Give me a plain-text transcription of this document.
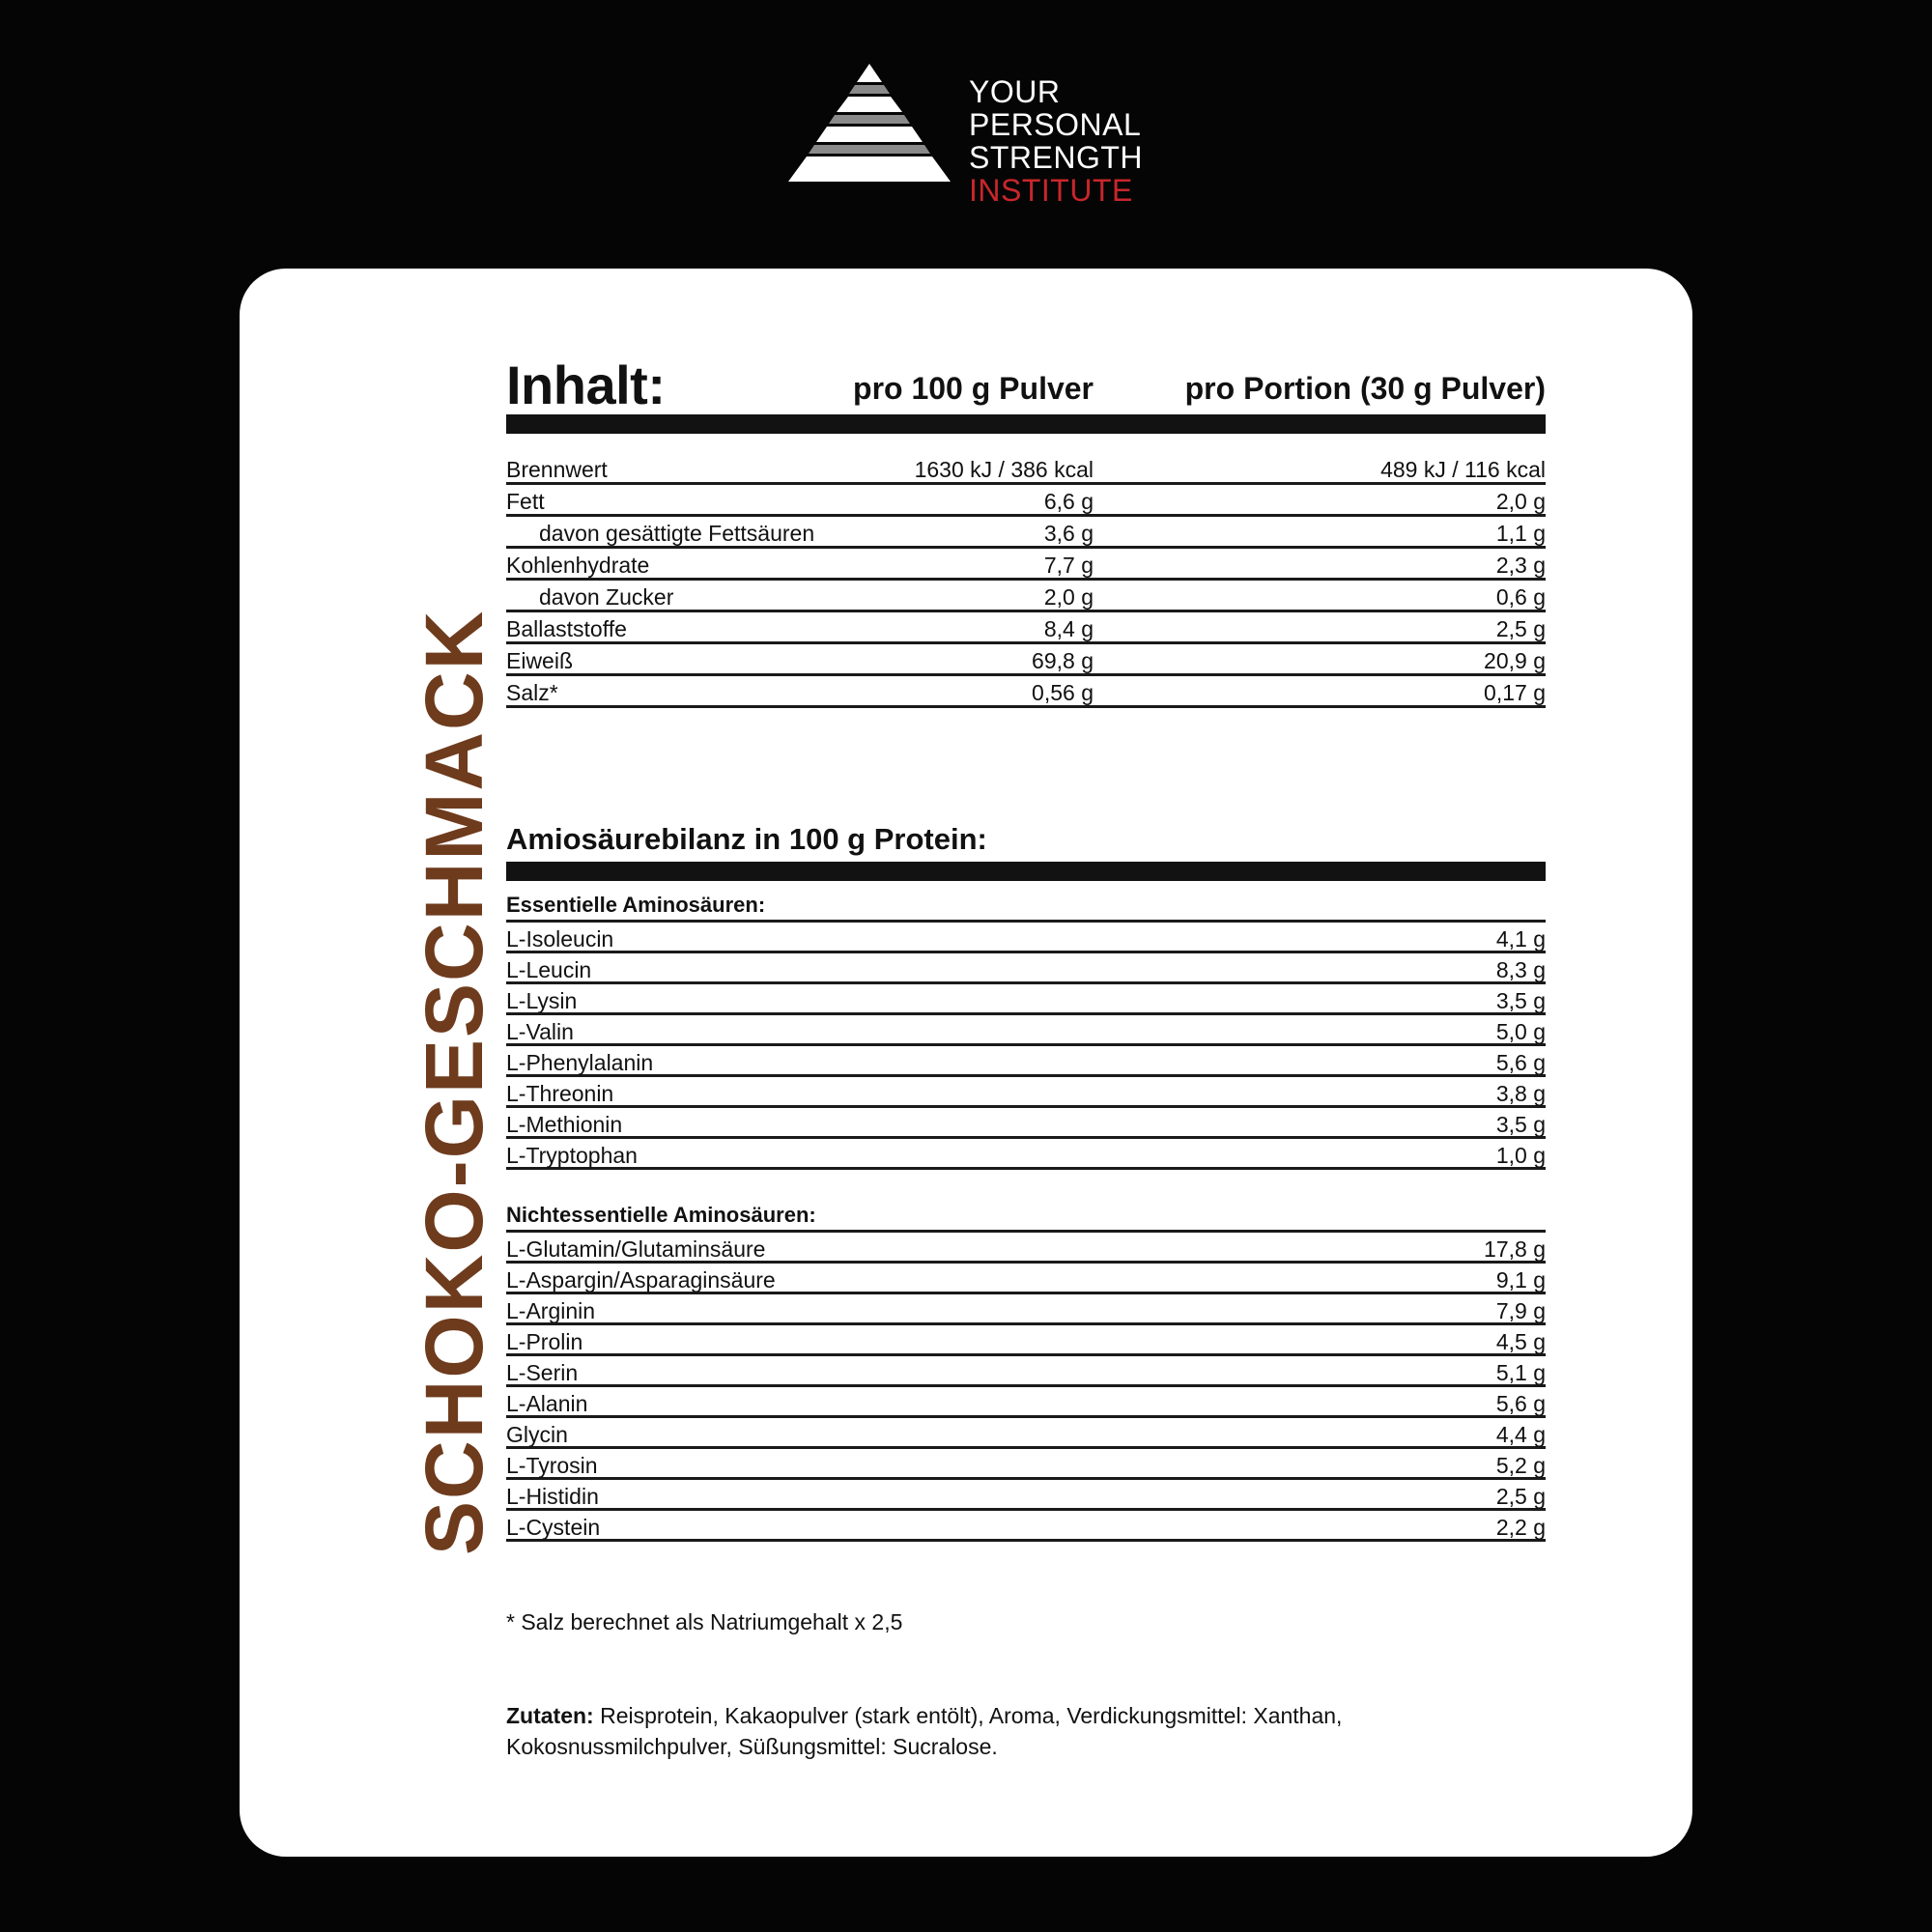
YOUR
PERSONAL
STRENGTH
INSTITUTE
SCHOKO-GESCHMACK
Inhalt:	pro 100 g Pulver	pro Portion (30 g Pulver)
Brennwert	1630 kJ / 386 kcal	489 kJ / 116 kcal
Fett	6,6 g	2,0 g
davon gesättigte Fettsäuren	3,6 g	1,1 g
Kohlenhydrate	7,7 g	2,3 g
davon Zucker	2,0 g	0,6 g
Ballaststoffe	8,4 g	2,5 g
Eiweiß	69,8 g	20,9 g
Salz*	0,56 g	0,17 g
Amiosäurebilanz in 100 g Protein:
Essentielle Aminosäuren:
L-Isoleucin	4,1 g
L-Leucin	8,3 g
L-Lysin	3,5 g
L-Valin	5,0 g
L-Phenylalanin	5,6 g
L-Threonin	3,8 g
L-Methionin	3,5 g
L-Tryptophan	1,0 g
Nichtessentielle Aminosäuren:
L-Glutamin/Glutaminsäure	17,8 g
L-Aspargin/Asparaginsäure	9,1 g
L-Arginin	7,9 g
L-Prolin	4,5 g
L-Serin	5,1 g
L-Alanin	5,6 g
Glycin	4,4 g
L-Tyrosin	5,2 g
L-Histidin	2,5 g
L-Cystein	2,2 g
* Salz berechnet als Natriumgehalt x 2,5
Zutaten: Reisprotein, Kakaopulver (stark entölt), Aroma, Verdickungsmittel: Xanthan, Kokosnussmilchpulver, Süßungsmittel: Sucralose.
